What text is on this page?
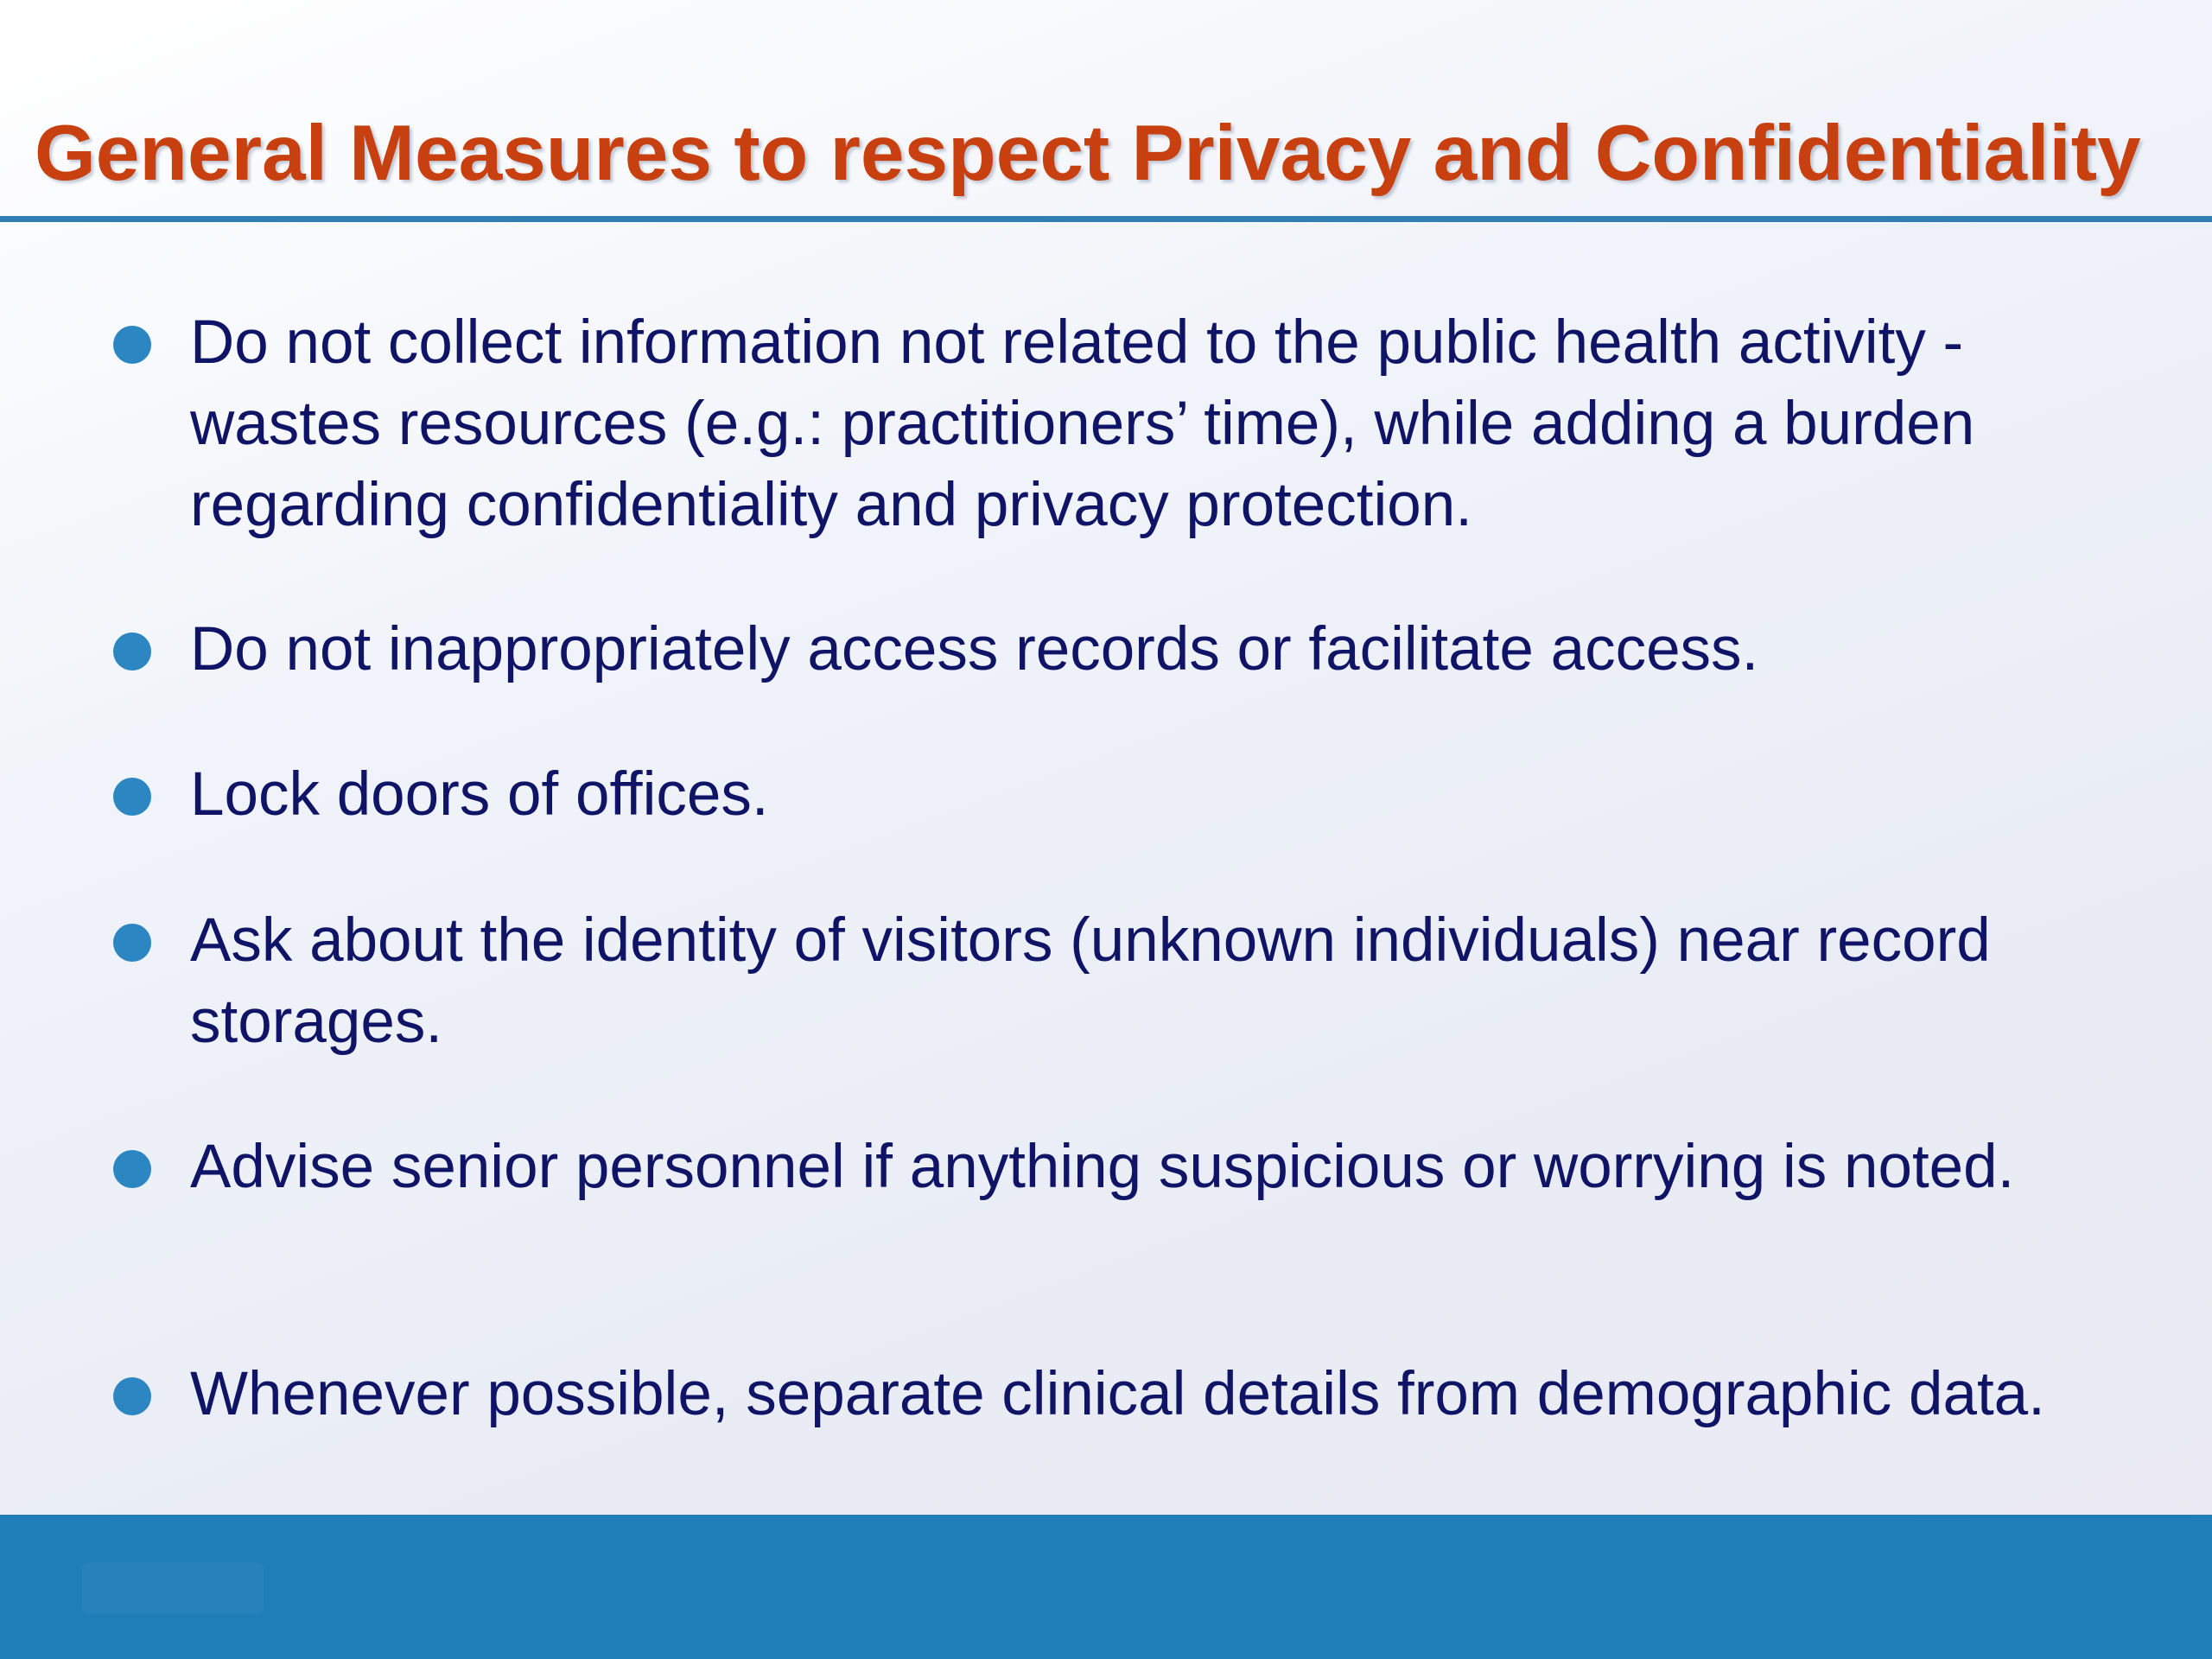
General Measures to respect Privacy and Confidentiality
Do not collect information not related to the public health activity - wastes resources (e.g.: practitioners’ time), while adding a burden regarding confidentiality and privacy protection.
Do not inappropriately access records or facilitate access.
Lock doors of offices.
Ask about the identity of visitors (unknown individuals) near record storages.
Advise senior personnel if anything suspicious or worrying is noted.
Whenever possible, separate clinical details from demographic data.
